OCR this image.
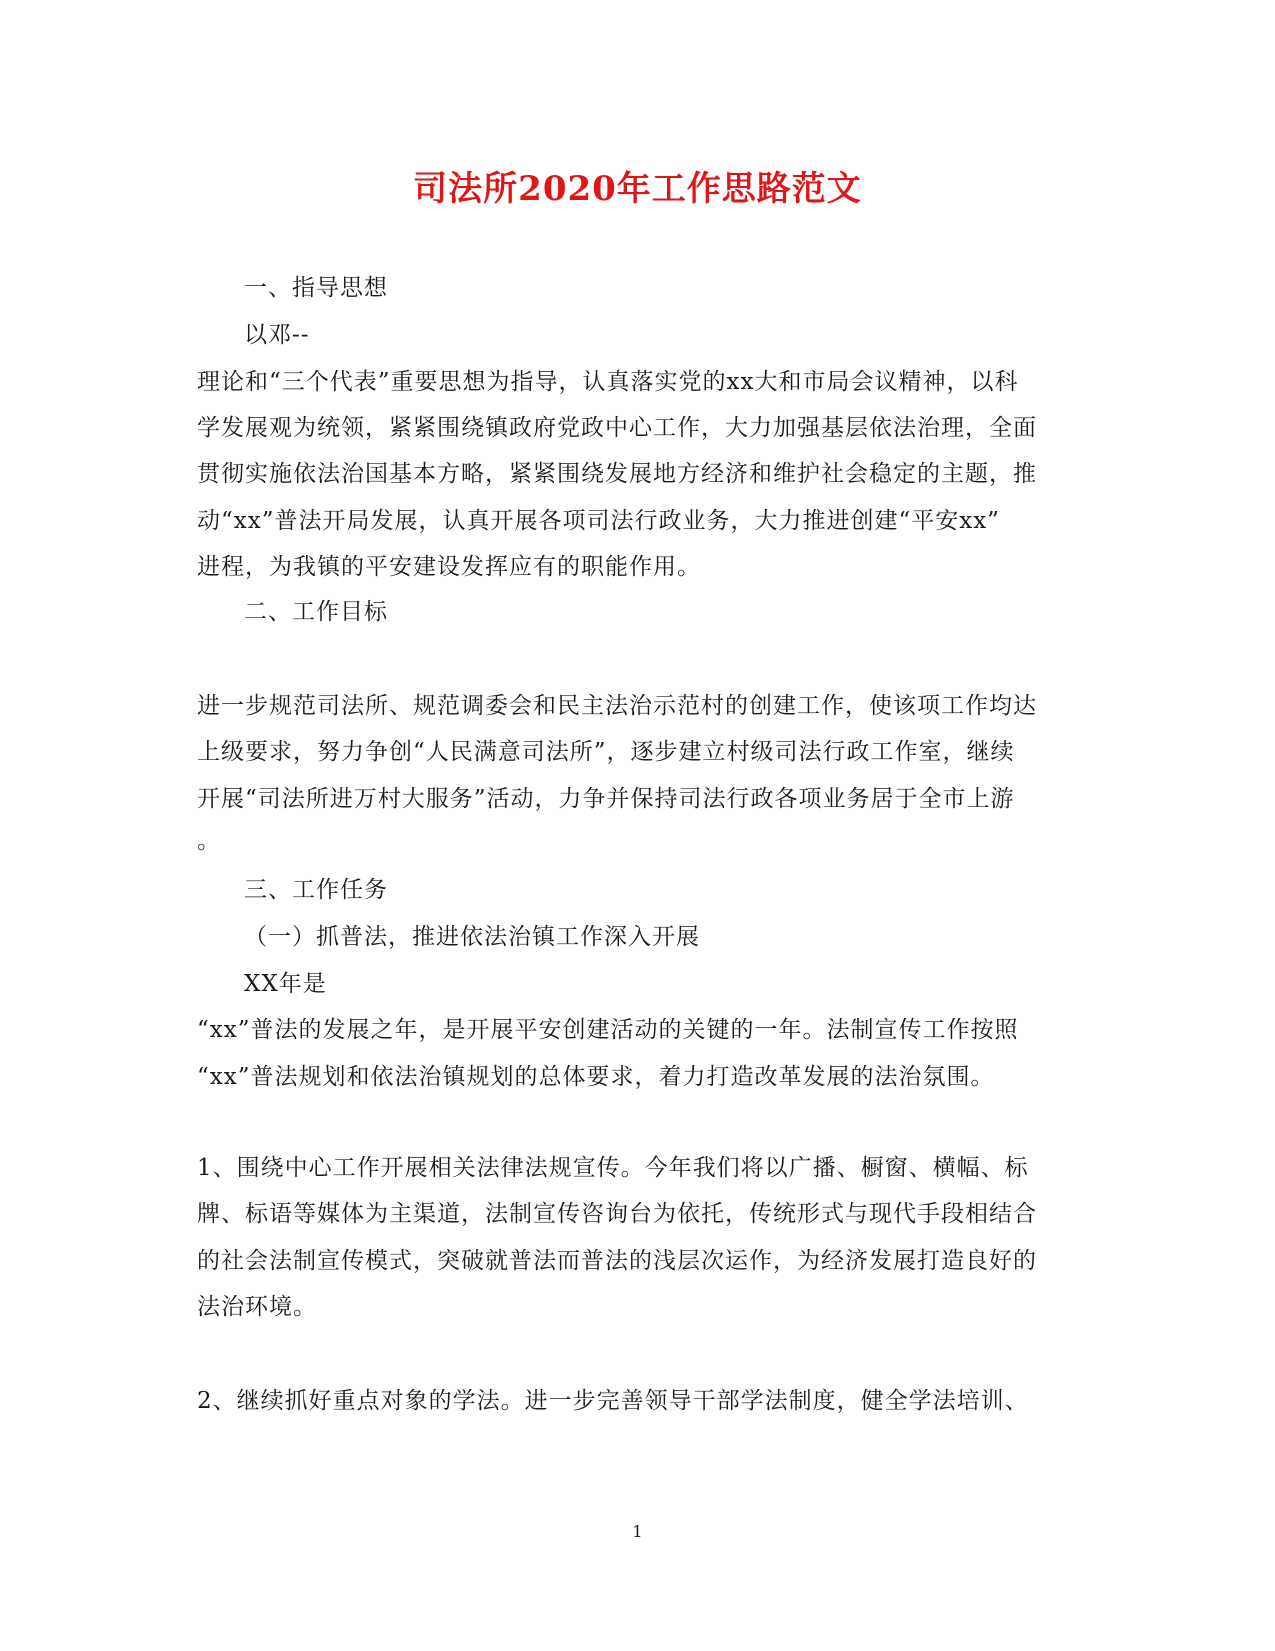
司法所2020年工作思路范文
一、指导思想
以邓--
理论和“三个代表”重要思想为指导，认真落实党的xx大和市局会议精神，以科
学发展观为统领，紧紧围绕镇政府党政中心工作，大力加强基层依法治理，全面
贯彻实施依法治国基本方略，紧紧围绕发展地方经济和维护社会稳定的主题，推
动“xx”普法开局发展，认真开展各项司法行政业务，大力推进创建“平安xx”
进程，为我镇的平安建设发挥应有的职能作用。
二、工作目标
进一步规范司法所、规范调委会和民主法治示范村的创建工作，使该项工作均达
上级要求，努力争创“人民满意司法所”，逐步建立村级司法行政工作室，继续
开展“司法所进万村大服务”活动，力争并保持司法行政各项业务居于全市上游
。
三、工作任务
（一）抓普法，推进依法治镇工作深入开展
XX年是
“xx”普法的发展之年，是开展平安创建活动的关键的一年。法制宣传工作按照
“xx”普法规划和依法治镇规划的总体要求，着力打造改革发展的法治氛围。
1、围绕中心工作开展相关法律法规宣传。今年我们将以广播、橱窗、横幅、标
牌、标语等媒体为主渠道，法制宣传咨询台为依托，传统形式与现代手段相结合
的社会法制宣传模式，突破就普法而普法的浅层次运作，为经济发展打造良好的
法治环境。
2、继续抓好重点对象的学法。进一步完善领导干部学法制度，健全学法培训、
1
